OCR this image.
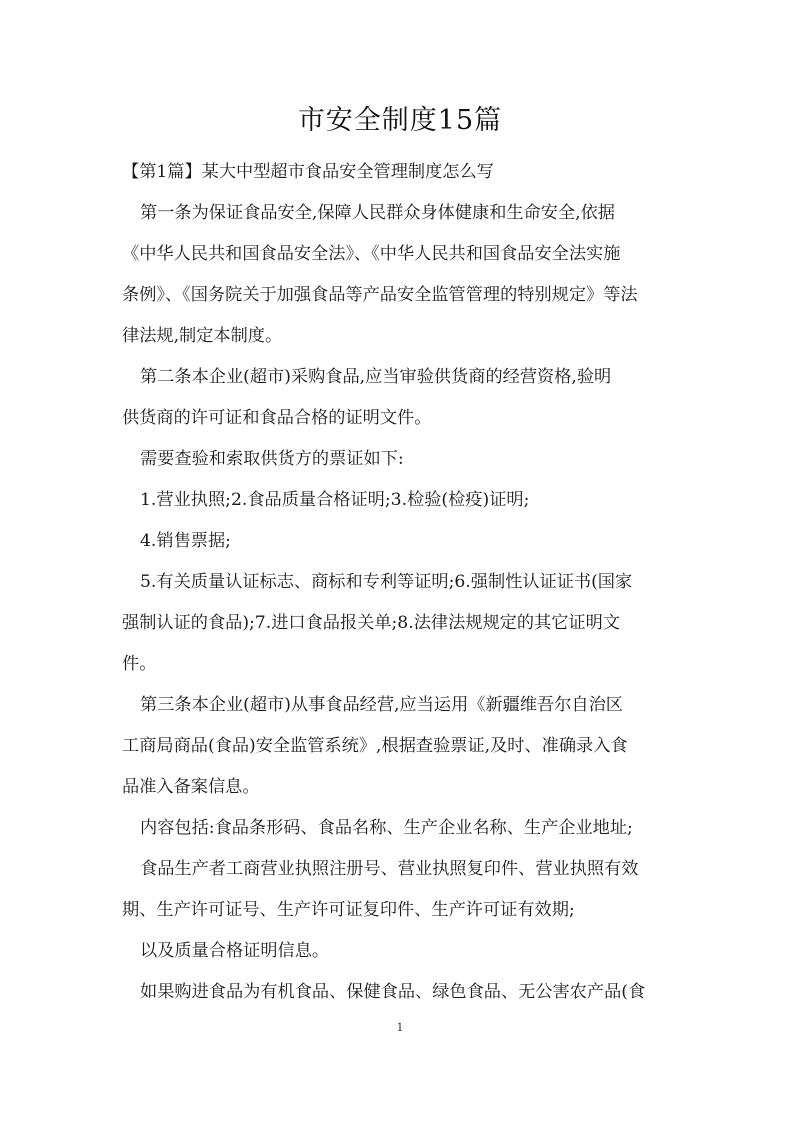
市安全制度15篇
【第1篇】某大中型超市食品安全管理制度怎么写
第一条为保证食品安全,保障人民群众身体健康和生命安全,依据
《中华人民共和国食品安全法》、《中华人民共和国食品安全法实施
条例》、《国务院关于加强食品等产品安全监管管理的特别规定》等法
律法规,制定本制度。
第二条本企业(超市)采购食品,应当审验供货商的经营资格,验明
供货商的许可证和食品合格的证明文件。
需要查验和索取供货方的票证如下:
1.营业执照;2.食品质量合格证明;3.检验(检疫)证明;
4.销售票据;
5.有关质量认证标志、商标和专利等证明;6.强制性认证证书(国家
强制认证的食品);7.进口食品报关单;8.法律法规规定的其它证明文
件。
第三条本企业(超市)从事食品经营,应当运用《新疆维吾尔自治区
工商局商品(食品)安全监管系统》,根据查验票证,及时、准确录入食
品准入备案信息。
内容包括:食品条形码、食品名称、生产企业名称、生产企业地址;
食品生产者工商营业执照注册号、营业执照复印件、营业执照有效
期、生产许可证号、生产许可证复印件、生产许可证有效期;
以及质量合格证明信息。
如果购进食品为有机食品、保健食品、绿色食品、无公害农产品(食
1
